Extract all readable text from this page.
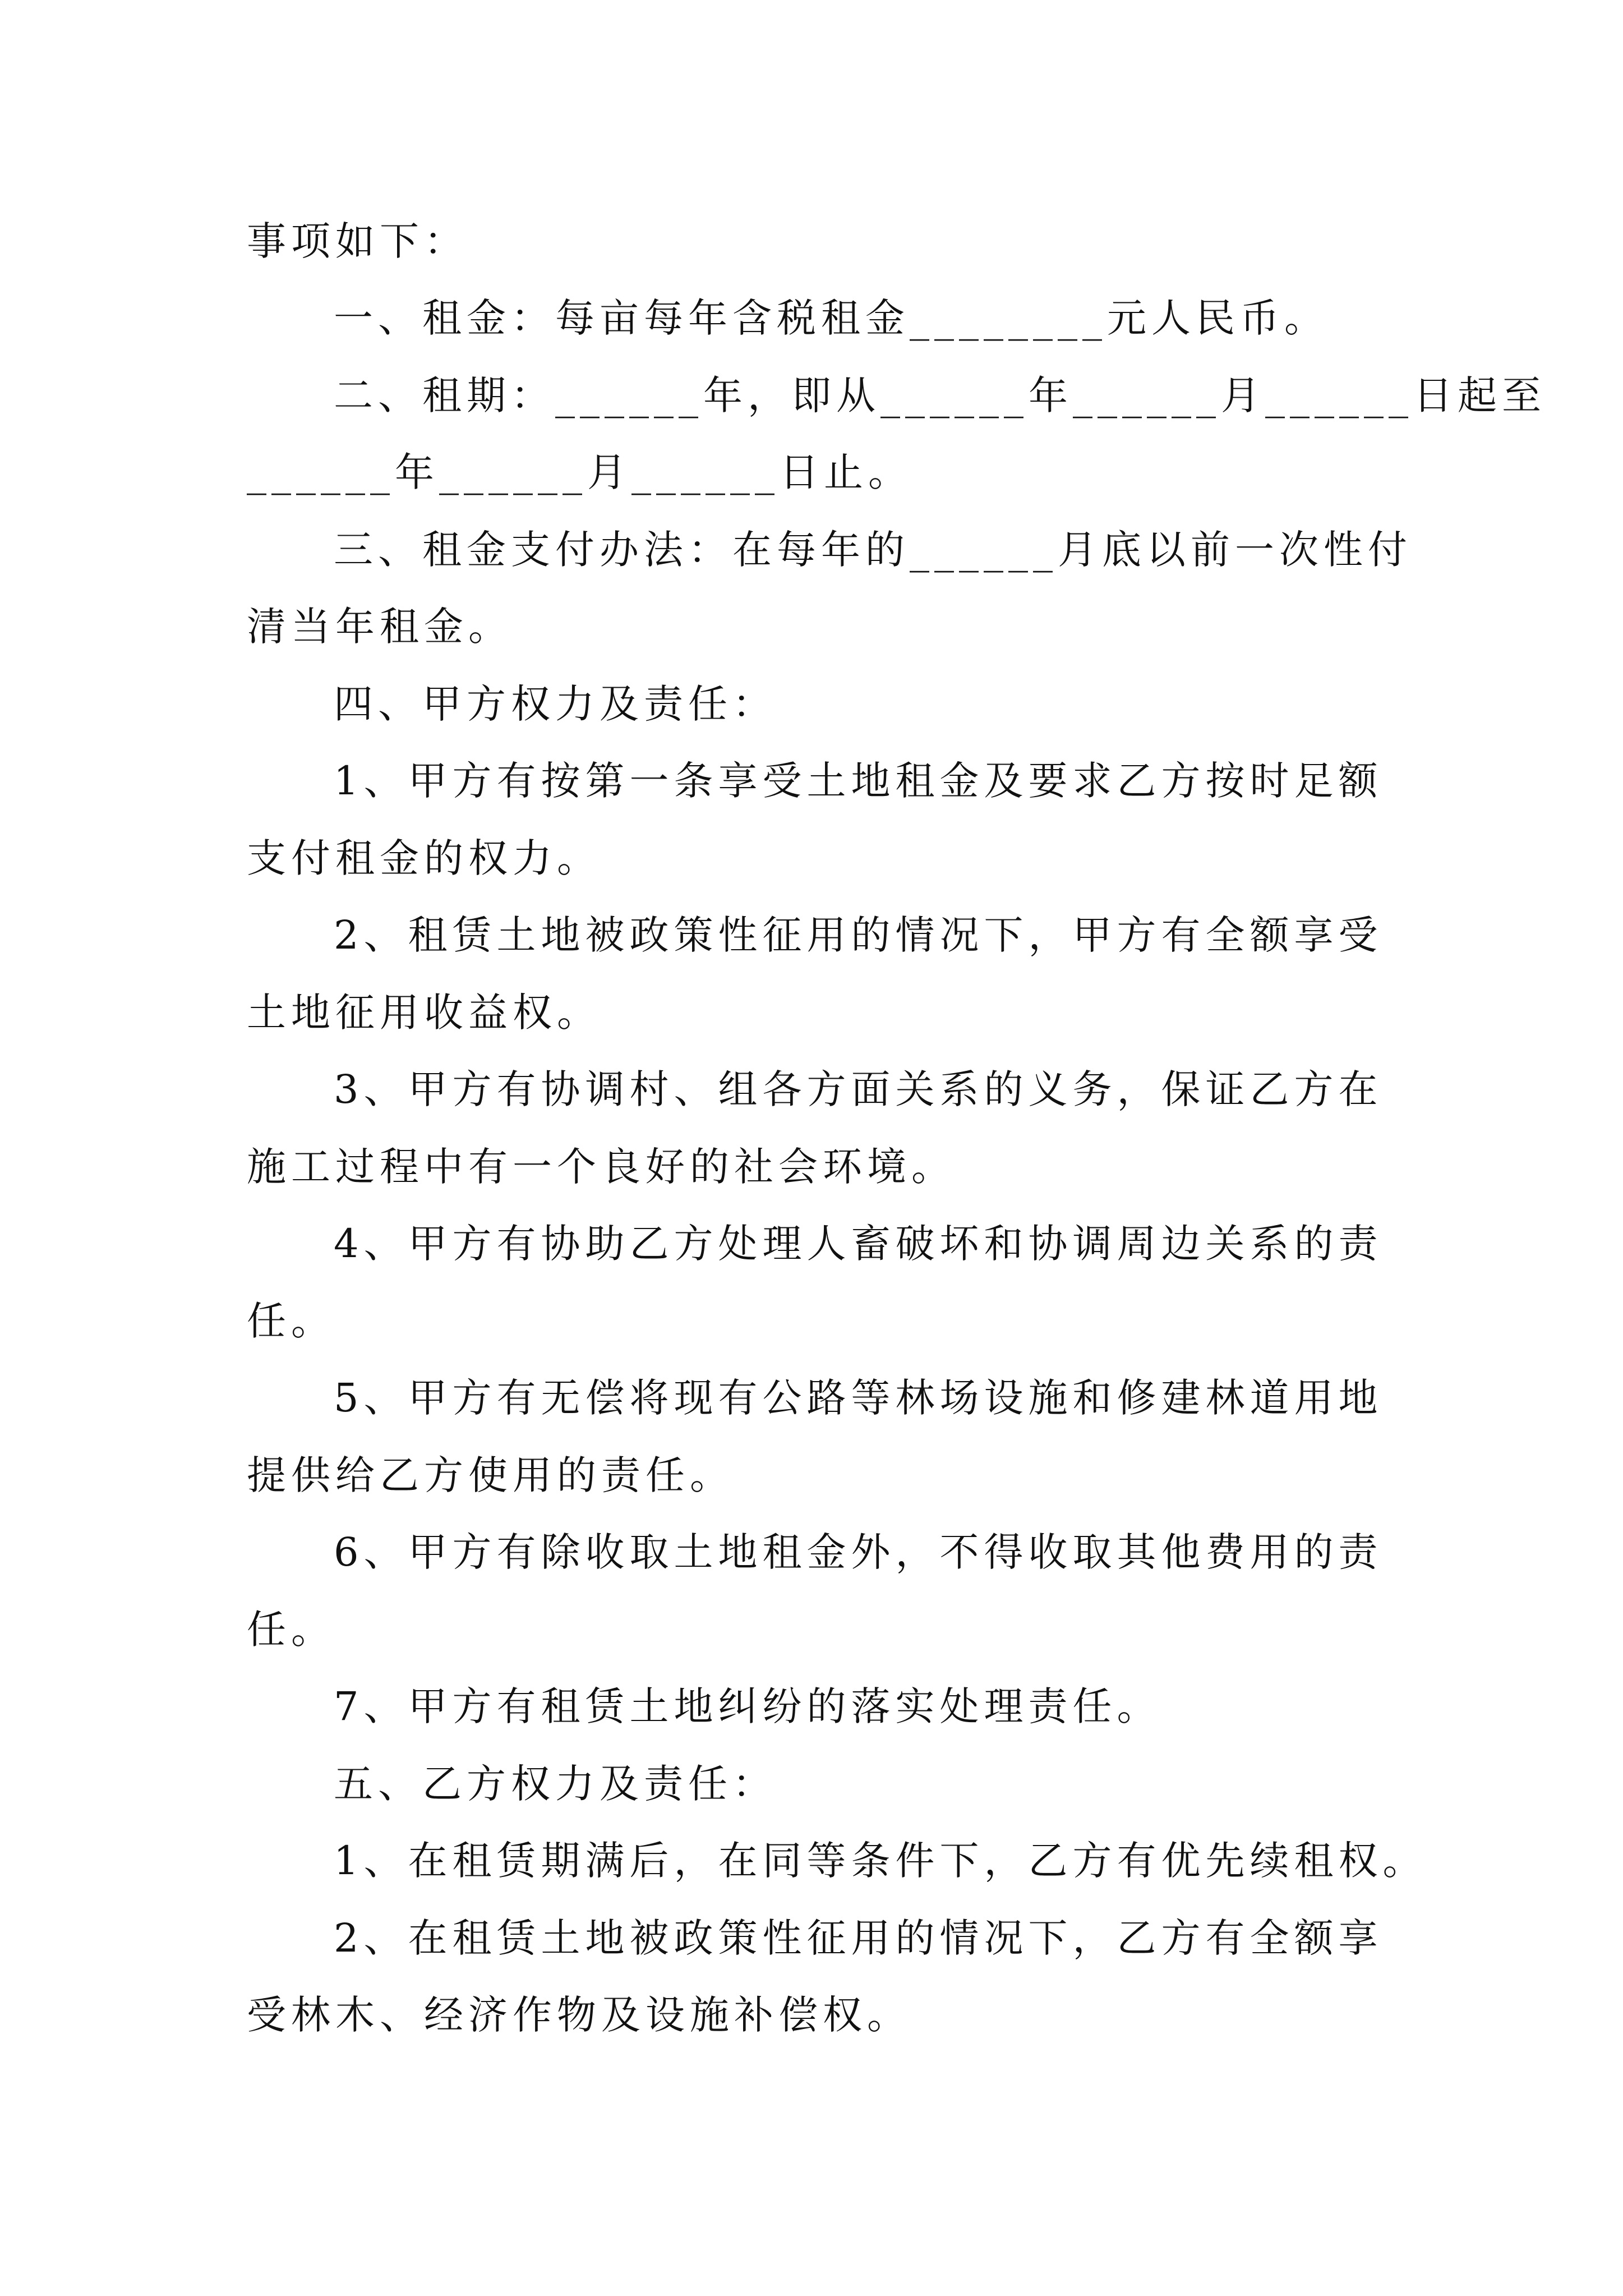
事项如下：
一、租金：每亩每年含税租金________元人民币。
二、租期：______年，即从______年______月______日起至
______年______月______日止。
三、租金支付办法：在每年的______月底以前一次性付
清当年租金。
四、甲方权力及责任：
1、甲方有按第一条享受土地租金及要求乙方按时足额
支付租金的权力。
2、租赁土地被政策性征用的情况下，甲方有全额享受
土地征用收益权。
3、甲方有协调村、组各方面关系的义务，保证乙方在
施工过程中有一个良好的社会环境。
4、甲方有协助乙方处理人畜破坏和协调周边关系的责
任。
5、甲方有无偿将现有公路等林场设施和修建林道用地
提供给乙方使用的责任。
6、甲方有除收取土地租金外，不得收取其他费用的责
任。
7、甲方有租赁土地纠纷的落实处理责任。
五、乙方权力及责任：
1、在租赁期满后，在同等条件下，乙方有优先续租权。
2、在租赁土地被政策性征用的情况下，乙方有全额享
受林木、经济作物及设施补偿权。
